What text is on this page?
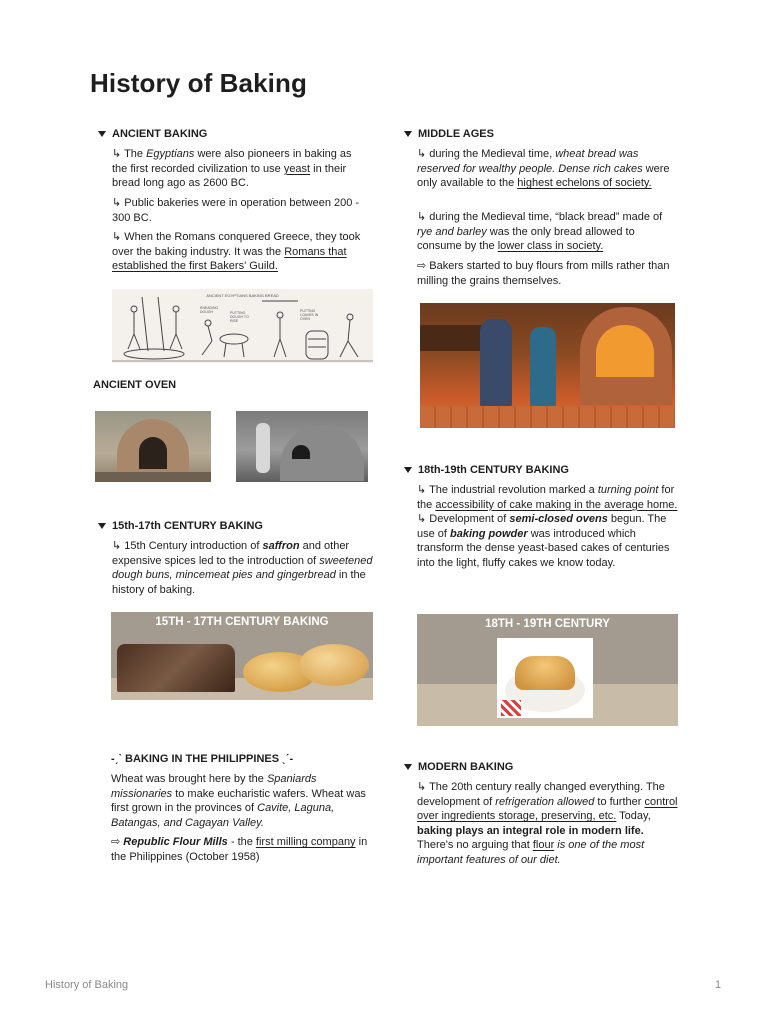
History of Baking
ANCIENT BAKING

↳ The Egyptians were also pioneers in baking as the first recorded civilization to use yeast in their bread long ago as 2600 BC.

↳ Public bakeries were in operation between 200 - 300 BC.

↳ When the Romans conquered Greece, they took over the baking industry. It was the Romans that established the first Bakers' Guild.

ANCIENT EGYPTIANS BAKING BREAD
KNEADING DOUGH	PUTTING DOUGH TO RISE
PUTTING LOAVES IN OVEN
ANCIENT OVEN
15th-17th CENTURY BAKING

↳ 15th Century introduction of saffron and other expensive spices led to the introduction of sweetened dough buns, mincemeat pies and gingerbread in the history of baking.

15TH - 17TH CENTURY BAKING
-ˏˋ BAKING IN THE PHILIPPINES ˎˊ-

Wheat was brought here by the Spaniards missionaries to make eucharistic wafers. Wheat was first grown in the provinces of Cavite, Laguna, Batangas, and Cagayan Valley.

⇨ Republic Flour Mills - the first milling company in the Philippines (October 1958)

MIDDLE AGES

↳ during the Medieval time, wheat bread was reserved for wealthy people. Dense rich cakes were only available to the highest echelons of society.

↳ during the Medieval time, “black bread” made of rye and barley was the only bread allowed to consume by the lower class in society.

⇨ Bakers started to buy flours from mills rather than milling the grains themselves.

18th-19th CENTURY BAKING

↳ The industrial revolution marked a turning point for the accessibility of cake making in the average home.
↳ Development of semi-closed ovens begun. The use of baking powder was introduced which transform the dense yeast-based cakes of centuries into the light, fluffy cakes we know today.

18TH - 19TH CENTURY
MODERN BAKING

↳ The 20th century really changed everything. The development of refrigeration allowed to further control over ingredients storage, preserving, etc. Today, baking plays an integral role in modern life. There's no arguing that flour is one of the most important features of our diet.

History of Baking	1
